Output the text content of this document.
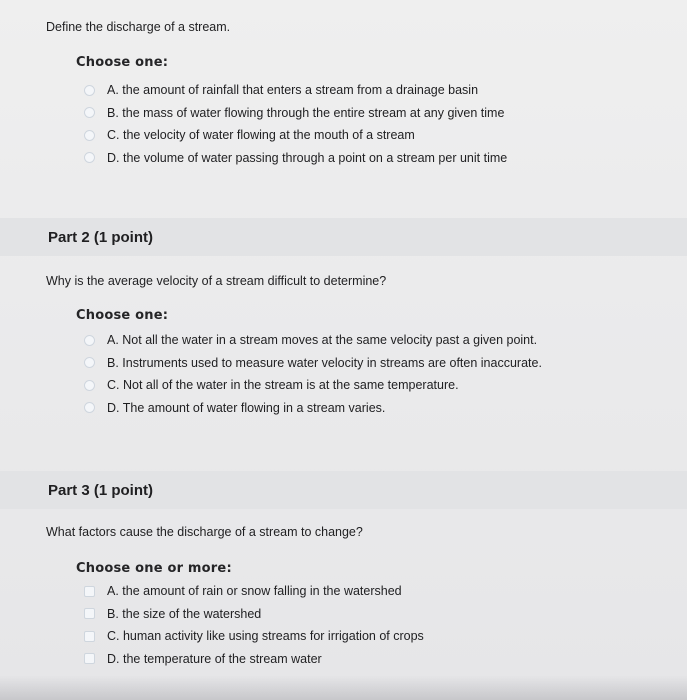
Define the discharge of a stream.
Choose one:
A. the amount of rainfall that enters a stream from a drainage basin
B. the mass of water flowing through the entire stream at any given time
C. the velocity of water flowing at the mouth of a stream
D. the volume of water passing through a point on a stream per unit time
Part 2 (1 point)
Why is the average velocity of a stream difficult to determine?
Choose one:
A. Not all the water in a stream moves at the same velocity past a given point.
B. Instruments used to measure water velocity in streams are often inaccurate.
C. Not all of the water in the stream is at the same temperature.
D. The amount of water flowing in a stream varies.
Part 3 (1 point)
What factors cause the discharge of a stream to change?
Choose one or more:
A. the amount of rain or snow falling in the watershed
B. the size of the watershed
C. human activity like using streams for irrigation of crops
D. the temperature of the stream water
